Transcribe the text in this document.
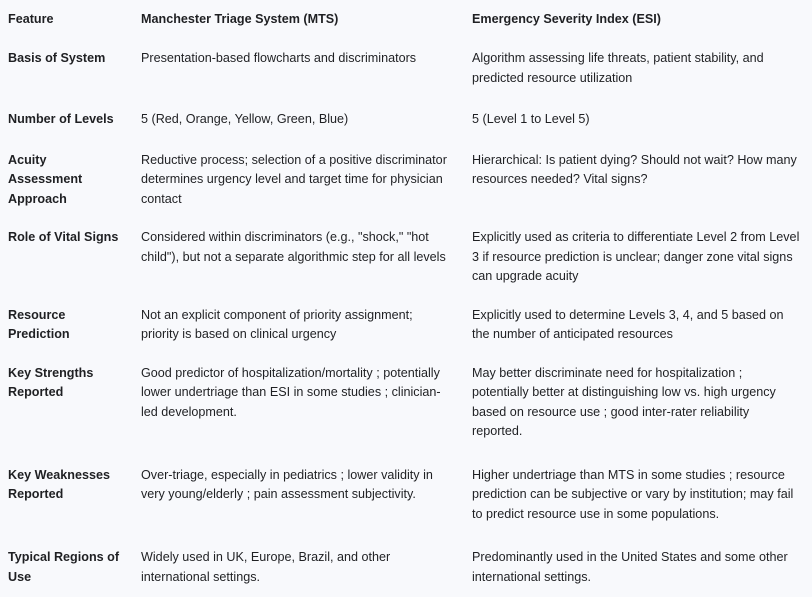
Feature	Manchester Triage System (MTS)	Emergency Severity Index (ESI)
Basis of System	Presentation-based flowcharts and discriminators	Algorithm assessing life threats, patient stability, and predicted resource utilization
Number of Levels	5 (Red, Orange, Yellow, Green, Blue)	5 (Level 1 to Level 5)
Acuity Assessment Approach	Reductive process; selection of a positive discriminator determines urgency level and target time for physician contact	Hierarchical: Is patient dying? Should not wait? How many resources needed? Vital signs?
Role of Vital Signs	Considered within discriminators (e.g., "shock," "hot child"), but not a separate algorithmic step for all levels	Explicitly used as criteria to differentiate Level 2 from Level 3 if resource prediction is unclear; danger zone vital signs can upgrade acuity
Resource Prediction	Not an explicit component of priority assignment; priority is based on clinical urgency	Explicitly used to determine Levels 3, 4, and 5 based on the number of anticipated resources
Key Strengths Reported	Good predictor of hospitalization/mortality ; potentially lower undertriage than ESI in some studies ; clinician-led development.	May better discriminate need for hospitalization ; potentially better at distinguishing low vs. high urgency based on resource use ; good inter-rater reliability reported.
Key Weaknesses Reported	Over-triage, especially in pediatrics ; lower validity in very young/elderly ; pain assessment subjectivity.	Higher undertriage than MTS in some studies ; resource prediction can be subjective or vary by institution; may fail to predict resource use in some populations.
Typical Regions of Use	Widely used in UK, Europe, Brazil, and other international settings.	Predominantly used in the United States and some other international settings.
